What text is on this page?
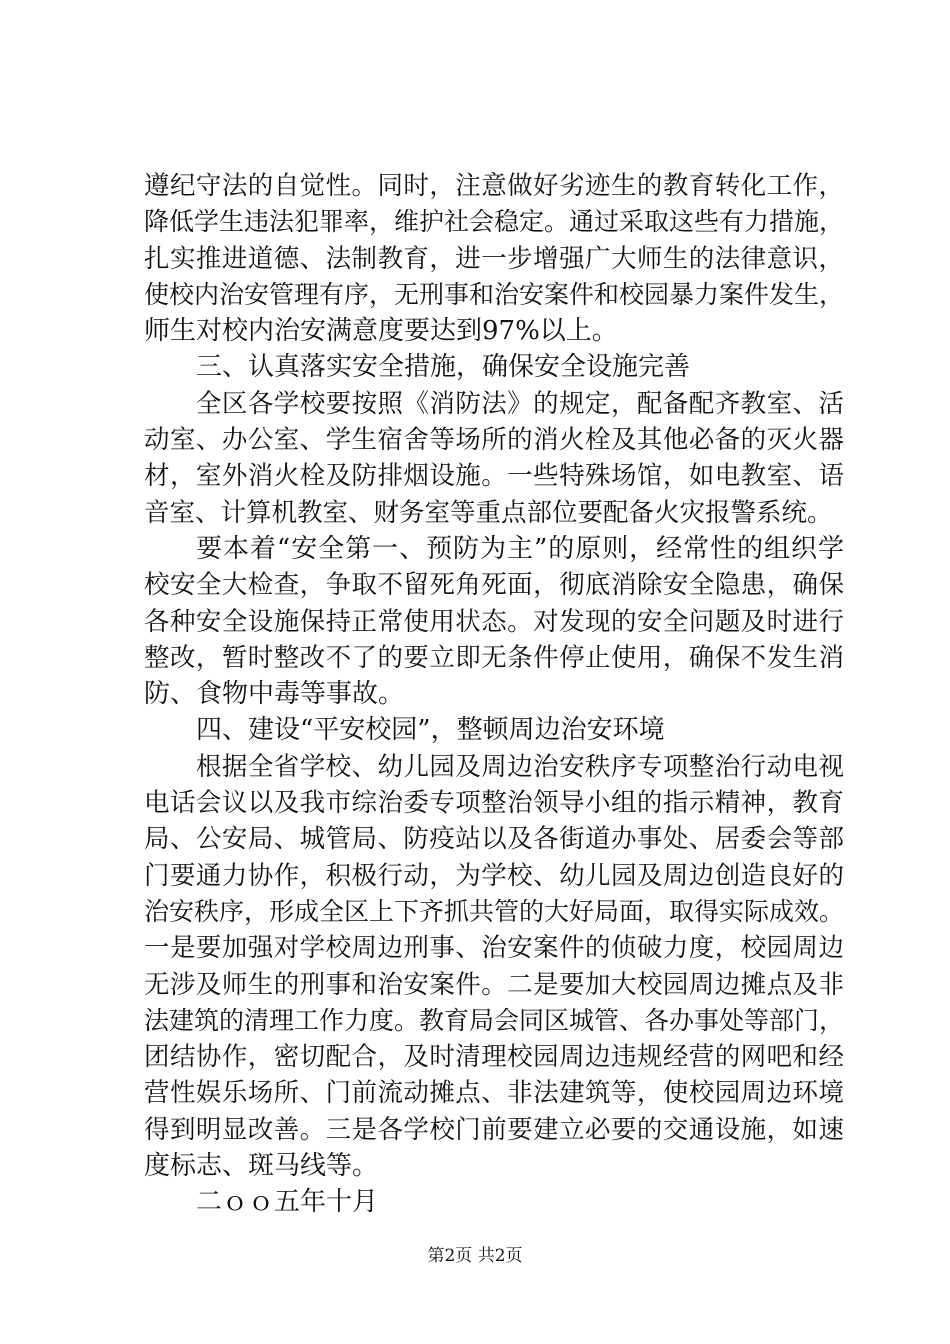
遵纪守法的自觉性。同时，注意做好劣迹生的教育转化工作，
降低学生违法犯罪率，维护社会稳定。通过采取这些有力措施，
扎实推进道德、法制教育，进一步增强广大师生的法律意识，
使校内治安管理有序，无刑事和治安案件和校园暴力案件发生，
师生对校内治安满意度要达到97%以上。
三、认真落实安全措施，确保安全设施完善
全区各学校要按照《消防法》的规定，配备配齐教室、活
动室、办公室、学生宿舍等场所的消火栓及其他必备的灭火器
材，室外消火栓及防排烟设施。一些特殊场馆，如电教室、语
音室、计算机教室、财务室等重点部位要配备火灾报警系统。
要本着“安全第一、预防为主”的原则，经常性的组织学
校安全大检查，争取不留死角死面，彻底消除安全隐患，确保
各种安全设施保持正常使用状态。对发现的安全问题及时进行
整改，暂时整改不了的要立即无条件停止使用，确保不发生消
防、食物中毒等事故。
四、建设“平安校园”，整顿周边治安环境
根据全省学校、幼儿园及周边治安秩序专项整治行动电视
电话会议以及我市综治委专项整治领导小组的指示精神，教育
局、公安局、城管局、防疫站以及各街道办事处、居委会等部
门要通力协作，积极行动，为学校、幼儿园及周边创造良好的
治安秩序，形成全区上下齐抓共管的大好局面，取得实际成效。
一是要加强对学校周边刑事、治安案件的侦破力度，校园周边
无涉及师生的刑事和治安案件。二是要加大校园周边摊点及非
法建筑的清理工作力度。教育局会同区城管、各办事处等部门，
团结协作，密切配合，及时清理校园周边违规经营的网吧和经
营性娱乐场所、门前流动摊点、非法建筑等，使校园周边环境
得到明显改善。三是各学校门前要建立必要的交通设施，如速
度标志、斑马线等。
二ｏｏ五年十月
第2页 共2页
